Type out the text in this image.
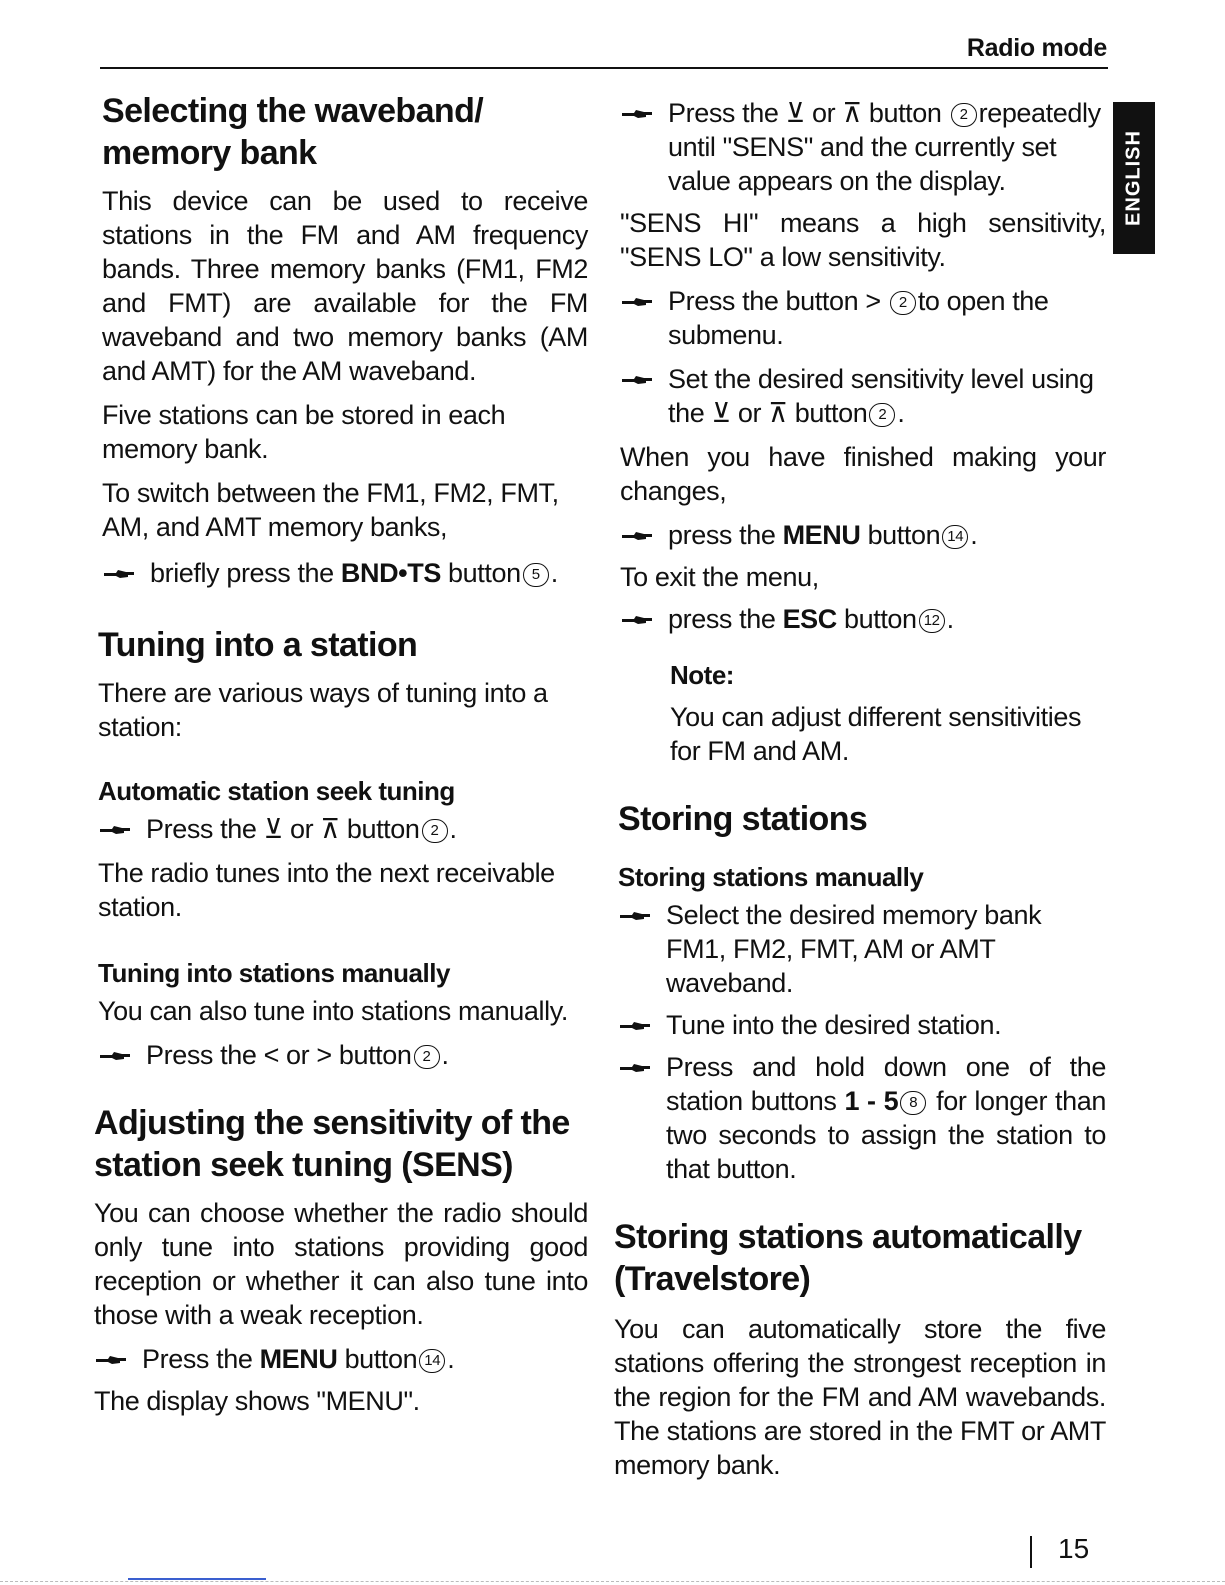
Radio mode
ENGLISH
Selecting the waveband/
memory bank

This device can be used to receive stations in the FM and AM frequency bands. Three memory banks (FM1, FM2 and FMT) are available for the FM waveband and two memory banks (AM and AMT) for the AM waveband.

Five stations can be stored in each memory bank.

To switch between the FM1, FM2, FMT, AM, and AMT memory banks,

briefly press the BND•TS button 5 .

Tuning into a station

There are various ways of tuning into a station:

Automatic station seek tuning

Press the ⊻ or ⊼ button 2 .

The radio tunes into the next receivable station.

Tuning into stations manually

You can also tune into stations manually.

Press the < or > button 2 .

Adjusting the sensitivity of the
station seek tuning (SENS)

You can choose whether the radio should only tune into stations providing good reception or whether it can also tune into those with a weak reception.

Press the MENU button 14 .

The display shows "MENU".

Press the ⊻ or ⊼ button 2 repeatedly until "SENS" and the currently set value appears on the display.

"SENS HI" means a high sensitivity, "SENS LO" a low sensitivity.

Press the button > 2 to open the submenu.

Set the desired sensitivity level using the ⊻ or ⊼ button 2 .

When you have finished making your changes,

press the MENU button 14 .

To exit the menu,

press the ESC button 12 .

Note:

You can adjust different sensitivities for FM and AM.

Storing stations
Storing stations manually

Select the desired memory bank FM1, FM2, FMT, AM or AMT waveband.

Tune into the desired station.

Press and hold down one of the station buttons 1 - 5 8 for longer than two seconds to assign the station to that button.

Storing stations automatically
(Travelstore)

You can automatically store the five stations offering the strongest reception in the region for the FM and AM wavebands. The stations are stored in the FMT or AMT memory bank.

15
